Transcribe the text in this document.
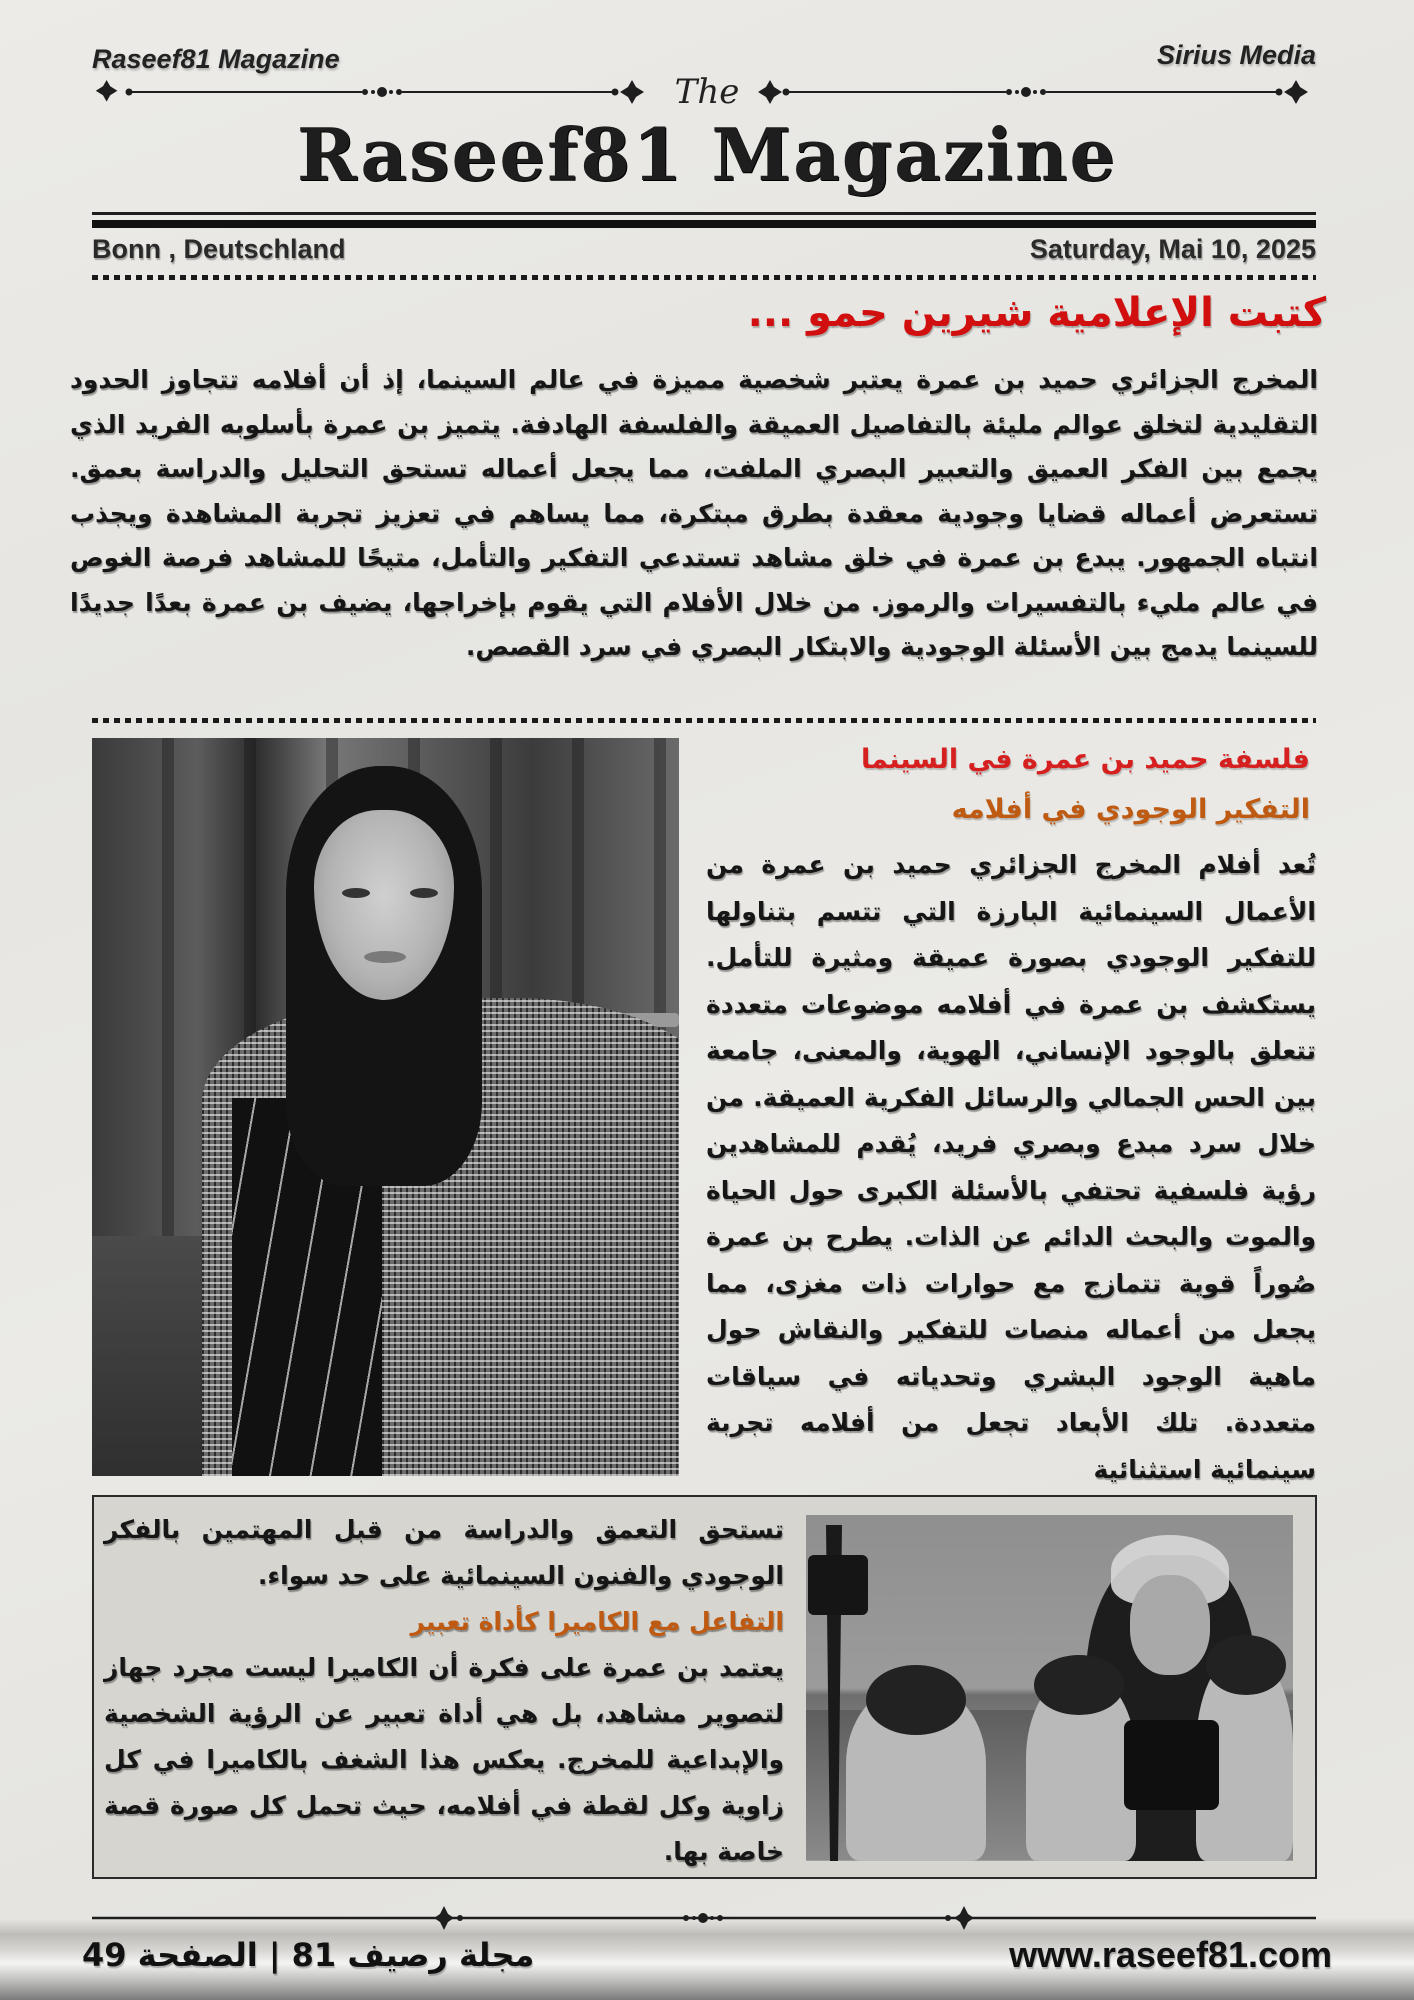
Raseef81 Magazine	Sirius Media
The
Raseef81 Magazine
Bonn , Deutschland	Saturday, Mai 10, 2025
كتبت الإعلامية شيرين حمو ...

المخرج الجزائري حميد بن عمرة يعتبر شخصية مميزة في عالم السينما، إذ أن أفلامه تتجاوز الحدود التقليدية لتخلق عوالم مليئة بالتفاصيل العميقة والفلسفة الهادفة. يتميز بن عمرة بأسلوبه الفريد الذي يجمع بين الفكر العميق والتعبير البصري الملفت، مما يجعل أعماله تستحق التحليل والدراسة بعمق. تستعرض أعماله قضايا وجودية معقدة بطرق مبتكرة، مما يساهم في تعزيز تجربة المشاهدة ويجذب انتباه الجمهور. يبدع بن عمرة في خلق مشاهد تستدعي التفكير والتأمل، متيحًا للمشاهد فرصة الغوص في عالم مليء بالتفسيرات والرموز. من خلال الأفلام التي يقوم بإخراجها، يضيف بن عمرة بعدًا جديدًا للسينما يدمج بين الأسئلة الوجودية والابتكار البصري في سرد القصص.

فلسفة حميد بن عمرة في السينما
التفكير الوجودي في أفلامه

تُعد أفلام المخرج الجزائري حميد بن عمرة من الأعمال السينمائية البارزة التي تتسم بتناولها للتفكير الوجودي بصورة عميقة ومثيرة للتأمل. يستكشف بن عمرة في أفلامه موضوعات متعددة تتعلق بالوجود الإنساني، الهوية، والمعنى، جامعة بين الحس الجمالي والرسائل الفكرية العميقة. من خلال سرد مبدع وبصري فريد، يُقدم للمشاهدين رؤية فلسفية تحتفي بالأسئلة الكبرى حول الحياة والموت والبحث الدائم عن الذات. يطرح بن عمرة صُوراً قوية تتمازج مع حوارات ذات مغزى، مما يجعل من أعماله منصات للتفكير والنقاش حول ماهية الوجود البشري وتحدياته في سياقات متعددة. تلك الأبعاد تجعل من أفلامه تجربة سينمائية استثنائية

تستحق التعمق والدراسة من قبل المهتمين بالفكر الوجودي والفنون السينمائية على حد سواء.

التفاعل مع الكاميرا كأداة تعبير

يعتمد بن عمرة على فكرة أن الكاميرا ليست مجرد جهاز لتصوير مشاهد، بل هي أداة تعبير عن الرؤية الشخصية والإبداعية للمخرج. يعكس هذا الشغف بالكاميرا في كل زاوية وكل لقطة في أفلامه، حيث تحمل كل صورة قصة خاصة بها.

مجلة رصيف 81 | الصفحة 49	www.raseef81.com
